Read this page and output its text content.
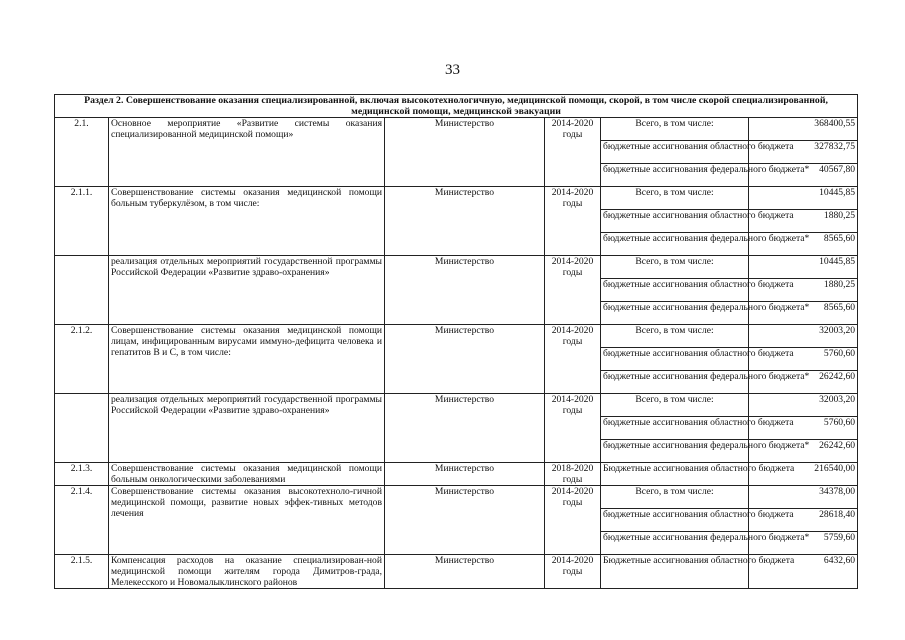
33
Раздел 2. Совершенствование оказания специализированной, включая высокотехнологичную, медицинской помощи, скорой, в том числе скорой специализированной, медицинской помощи, медицинской эвакуации					
2.1.	Основное мероприятие «Развитие системы оказания специализированной медицинской помощи»	Министерство	2014-2020 годы	Всего, в том числе:	368400,55
				бюджетные ассигнования областного бюджета	327832,75
				бюджетные ассигнования федерального бюджета*	40567,80
2.1.1.	Совершенствование системы оказания медицинской помощи больным туберкулёзом, в том числе:	Министерство	2014-2020 годы	Всего, в том числе:	10445,85
				бюджетные ассигнования областного бюджета	1880,25
				бюджетные ассигнования федерального бюджета*	8565,60
	реализация отдельных мероприятий государственной программы Российской Федерации «Развитие здраво-охранения»	Министерство	2014-2020 годы	Всего, в том числе:	10445,85
				бюджетные ассигнования областного бюджета	1880,25
				бюджетные ассигнования федерального бюджета*	8565,60
2.1.2.	Совершенствование системы оказания медицинской помощи лицам, инфицированным вирусами иммуно-дефицита человека и гепатитов В и С, в том числе:	Министерство	2014-2020 годы	Всего, в том числе:	32003,20
				бюджетные ассигнования областного бюджета	5760,60
				бюджетные ассигнования федерального бюджета*	26242,60
	реализация отдельных мероприятий государственной программы Российской Федерации «Развитие здраво-охранения»	Министерство	2014-2020 годы	Всего, в том числе:	32003,20
				бюджетные ассигнования областного бюджета	5760,60
				бюджетные ассигнования федерального бюджета*	26242,60
2.1.3.	Совершенствование системы оказания медицинской помощи больным онкологическими заболеваниями	Министерство	2018-2020 годы	Бюджетные ассигнования областного бюджета	216540,00
2.1.4.	Совершенствование системы оказания высокотехноло-гичной медицинской помощи, развитие новых эффек-тивных методов лечения	Министерство	2014-2020 годы	Всего, в том числе:	34378,00
				бюджетные ассигнования областного бюджета	28618,40
				бюджетные ассигнования федерального бюджета*	5759,60
2.1.5.	Компенсация расходов на оказание специализирован-ной медицинской помощи жителям города Димитров-града, Мелекесского и Новомалыклинского районов	Министерство	2014-2020 годы	Бюджетные ассигнования областного бюджета	6432,60
